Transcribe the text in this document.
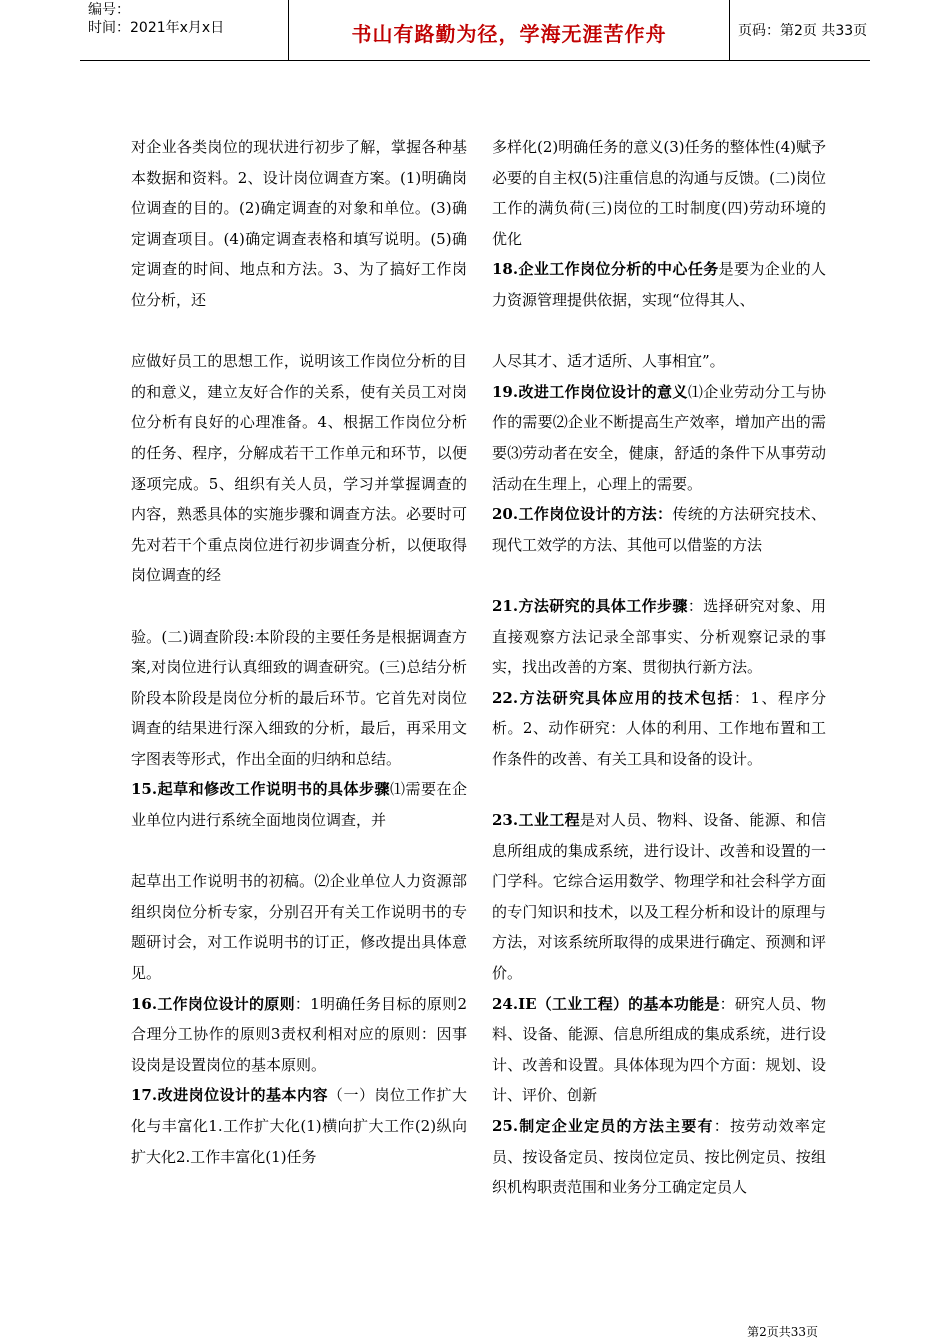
编号：
时间：2021年x月x日	书山有路勤为径，学海无涯苦作舟	页码：第2页 共33页

对企业各类岗位的现状进行初步了解，掌握各种基本数据和资料。2、设计岗位调查方案。(1)明确岗位调查的目的。(2)确定调查的对象和单位。(3)确定调查项目。(4)确定调查表格和填写说明。(5)确定调查的时间、地点和方法。3、为了搞好工作岗位分析，还

应做好员工的思想工作，说明该工作岗位分析的目的和意义，建立友好合作的关系，使有关员工对岗位分析有良好的心理准备。4、根据工作岗位分析的任务、程序，分解成若干工作单元和环节，以便逐项完成。5、组织有关人员，学习并掌握调查的内容，熟悉具体的实施步骤和调查方法。必要时可先对若干个重点岗位进行初步调查分析，以便取得岗位调查的经

验。(二)调查阶段:本阶段的主要任务是根据调查方案,对岗位进行认真细致的调查研究。(三)总结分析阶段本阶段是岗位分析的最后环节。它首先对岗位调查的结果进行深入细致的分析，最后，再采用文字图表等形式，作出全面的归纳和总结。

15.起草和修改工作说明书的具体步骤⑴需要在企业单位内进行系统全面地岗位调查，并

起草出工作说明书的初稿。⑵企业单位人力资源部组织岗位分析专家，分别召开有关工作说明书的专题研讨会，对工作说明书的订正，修改提出具体意见。

16.工作岗位设计的原则：1明确任务目标的原则2合理分工协作的原则3责权利相对应的原则：因事设岗是设置岗位的基本原则。

17.改进岗位设计的基本内容（一）岗位工作扩大化与丰富化1.工作扩大化(1)横向扩大工作(2)纵向扩大化2.工作丰富化(1)任务

多样化(2)明确任务的意义(3)任务的整体性(4)赋予必要的自主权(5)注重信息的沟通与反馈。(二)岗位工作的满负荷(三)岗位的工时制度(四)劳动环境的优化

18.企业工作岗位分析的中心任务是要为企业的人力资源管理提供依据，实现“位得其人、

人尽其才、适才适所、人事相宜”。

19.改进工作岗位设计的意义⑴企业劳动分工与协作的需要⑵企业不断提高生产效率，增加产出的需要⑶劳动者在安全，健康，舒适的条件下从事劳动活动在生理上，心理上的需要。

20.工作岗位设计的方法：传统的方法研究技术、现代工效学的方法、其他可以借鉴的方法

21.方法研究的具体工作步骤：选择研究对象、用直接观察方法记录全部事实、分析观察记录的事实，找出改善的方案、贯彻执行新方法。

22.方法研究具体应用的技术包括：1、程序分析。2、动作研究：人体的利用、工作地布置和工作条件的改善、有关工具和设备的设计。

23.工业工程是对人员、物料、设备、能源、和信息所组成的集成系统，进行设计、改善和设置的一门学科。它综合运用数学、物理学和社会科学方面的专门知识和技术，以及工程分析和设计的原理与方法，对该系统所取得的成果进行确定、预测和评价。

24.IE（工业工程）的基本功能是：研究人员、物料、设备、能源、信息所组成的集成系统，进行设计、改善和设置。具体体现为四个方面：规划、设计、评价、创新

25.制定企业定员的方法主要有：按劳动效率定员、按设备定员、按岗位定员、按比例定员、按组织机构职责范围和业务分工确定定员人

第2页共33页
